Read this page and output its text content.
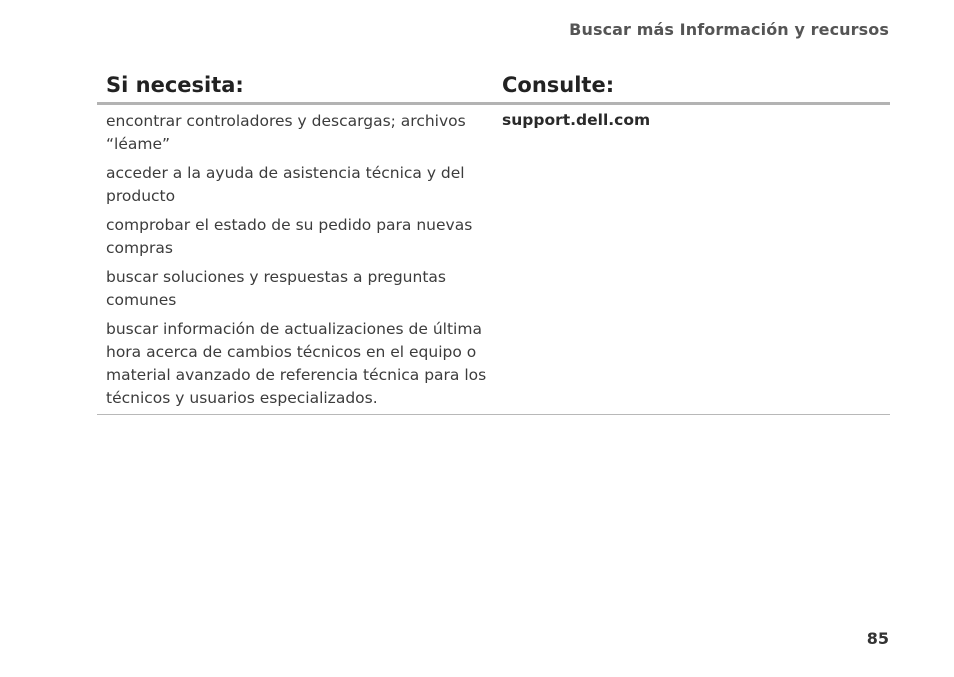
Buscar más Información y recursos
Si necesita:	Consulte:
encontrar controladores y descargas; archivos “léame”
acceder a la ayuda de asistencia técnica y del producto
comprobar el estado de su pedido para nuevas compras
buscar soluciones y respuestas a preguntas comunes
buscar información de actualizaciones de última hora acerca de cambios técnicos en el equipo o material avanzado de referencia técnica para los técnicos y usuarios especializados.
support.dell.com
85
